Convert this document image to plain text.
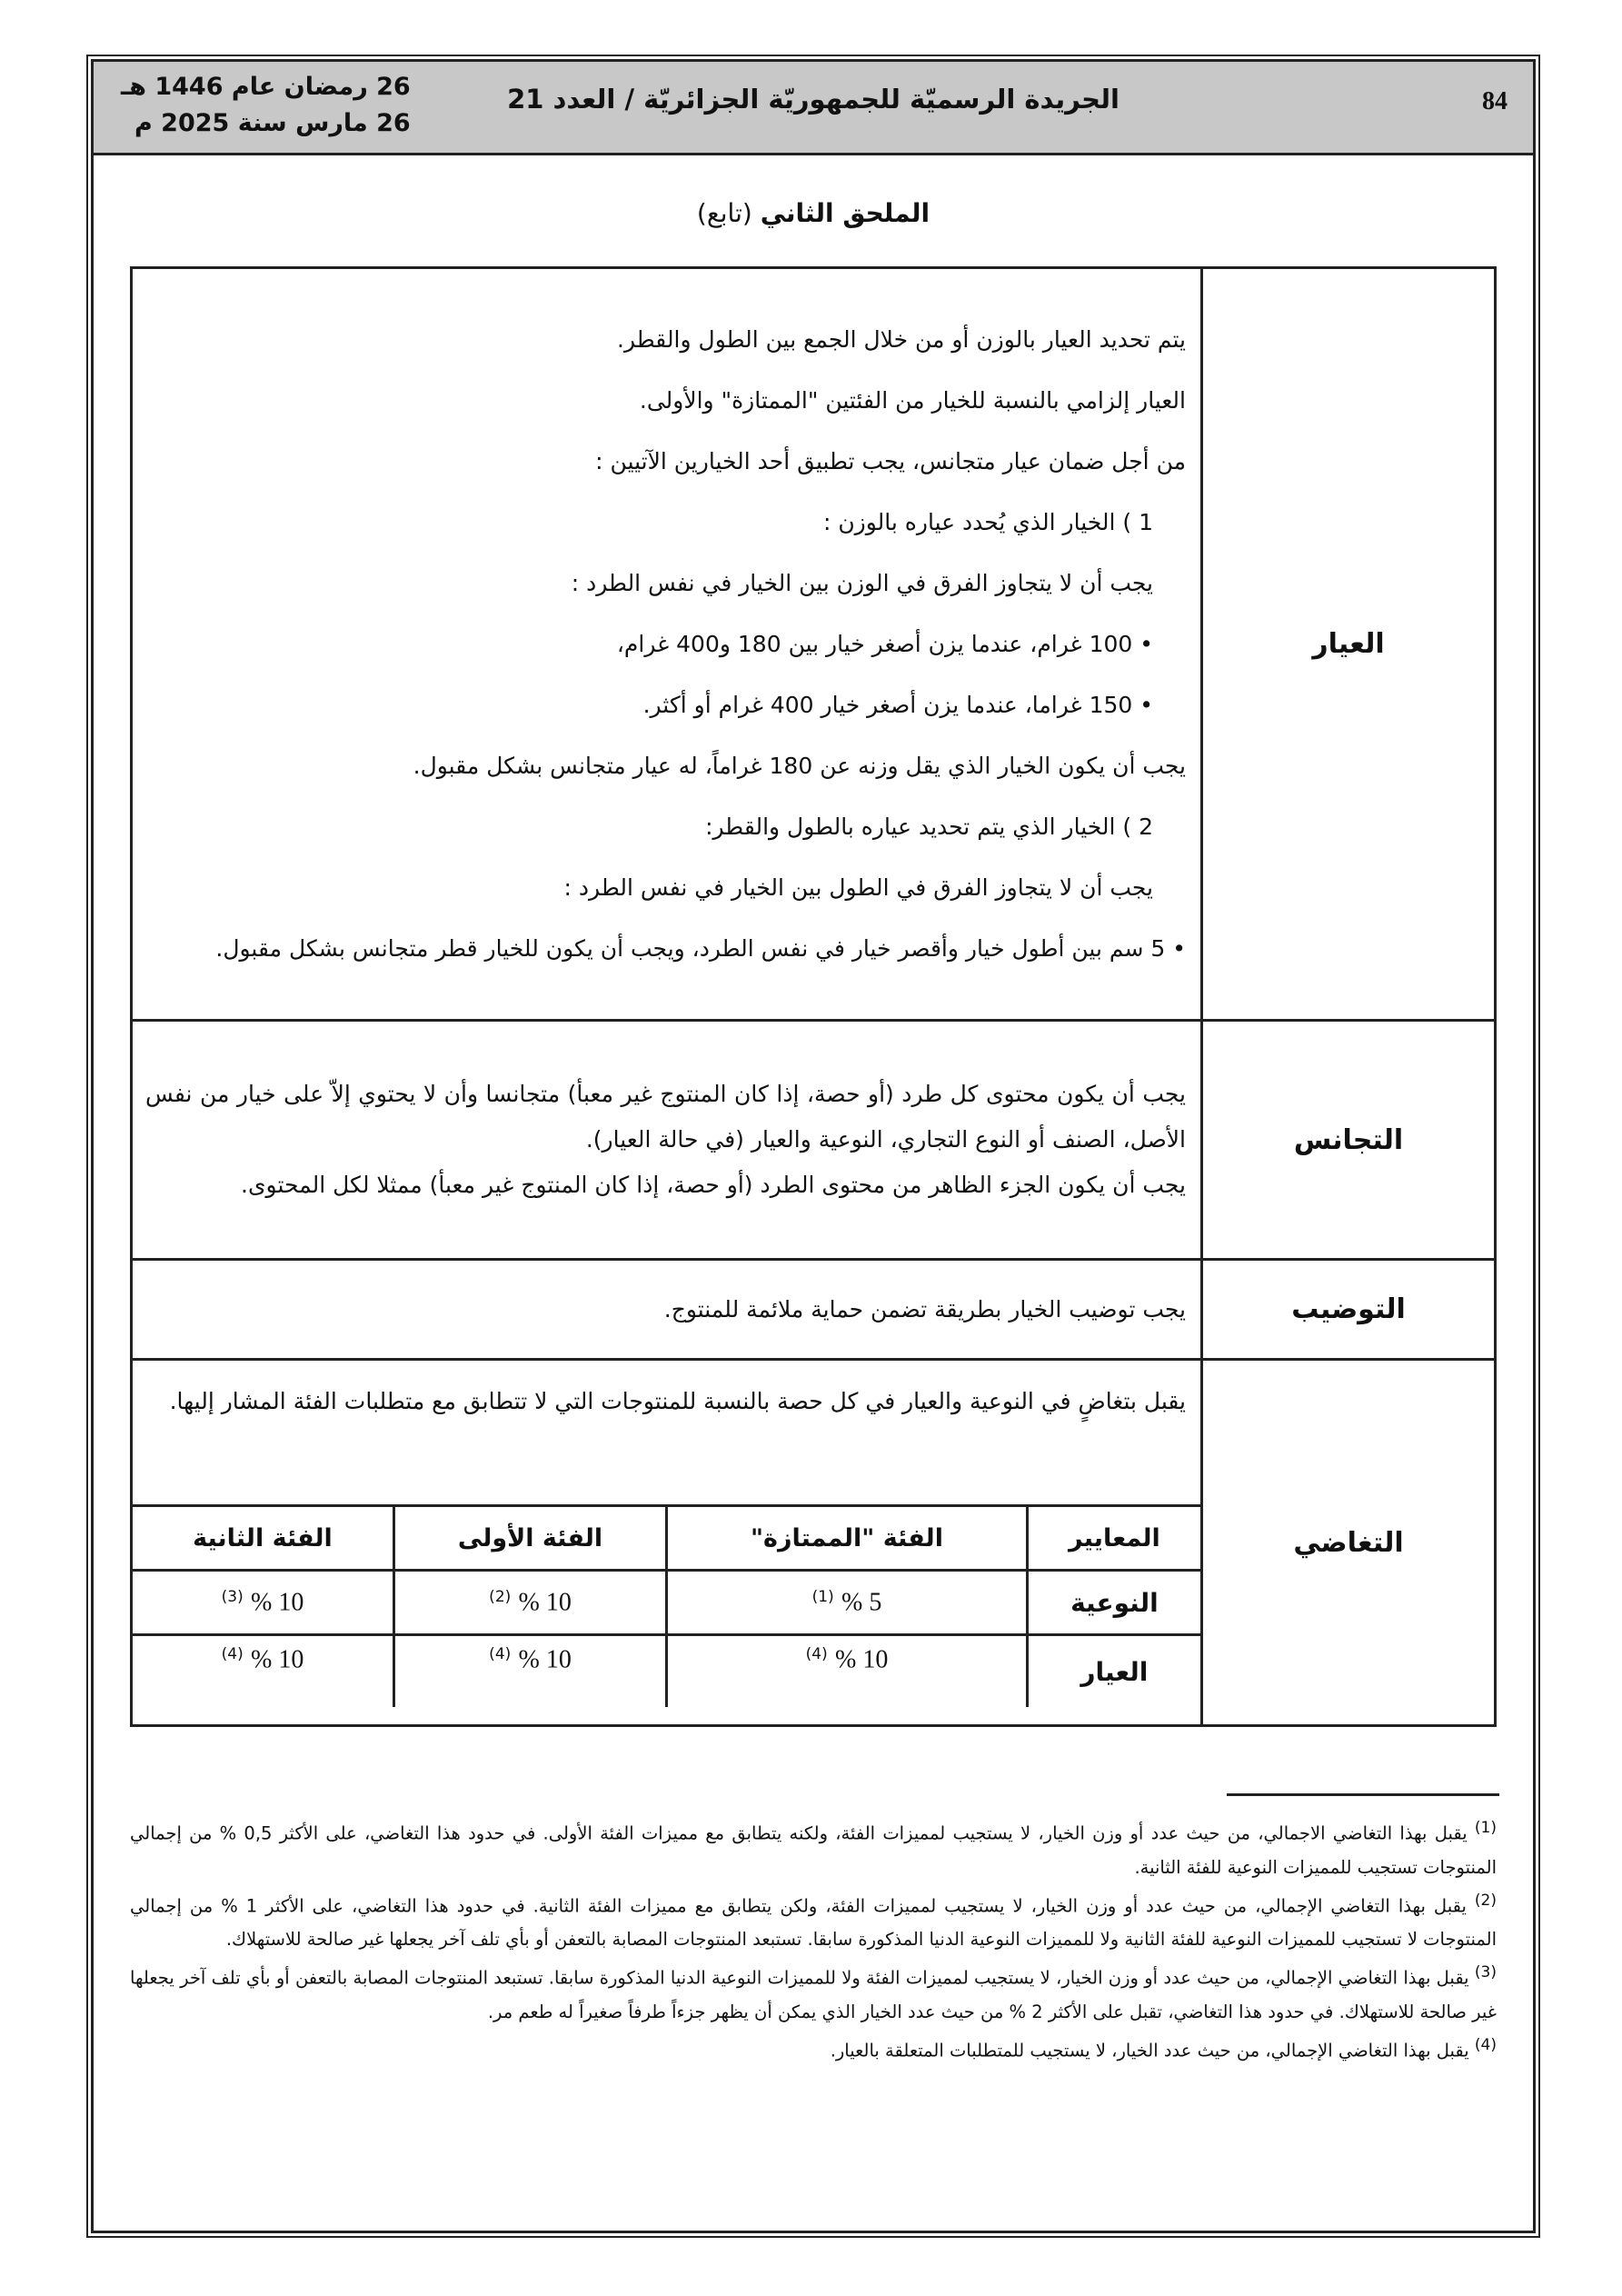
84
الجريدة الرسميّة للجمهوريّة الجزائريّة / العدد 21
26 رمضان عام 1446 هـ
26 مارس سنة 2025 م
الملحق الثاني (تابع)
العيار	

يتم تحديد العيار بالوزن أو من خلال الجمع بين الطول والقطر.

العيار إلزامي بالنسبة للخيار من الفئتين "الممتازة" والأولى.

من أجل ضمان عيار متجانس، يجب تطبيق أحد الخيارين الآتيين :

1 ) الخيار الذي يُحدد عياره بالوزن :

يجب أن لا يتجاوز الفرق في الوزن بين الخيار في نفس الطرد :

• 100 غرام، عندما يزن أصغر خيار بين 180 و400 غرام،

• 150 غراما، عندما يزن أصغر خيار 400 غرام أو أكثر.

يجب أن يكون الخيار الذي يقل وزنه عن 180 غراماً، له عيار متجانس بشكل مقبول.

2 ) الخيار الذي يتم تحديد عياره بالطول والقطر:

يجب أن لا يتجاوز الفرق في الطول بين الخيار في نفس الطرد :

• 5 سم بين أطول خيار وأقصر خيار في نفس الطرد، ويجب أن يكون للخيار قطر متجانس بشكل مقبول.

التجانس	

يجب أن يكون محتوى كل طرد (أو حصة، إذا كان المنتوج غير معبأ) متجانسا وأن لا يحتوي إلاّ على خيار من نفس الأصل، الصنف أو النوع التجاري، النوعية والعيار (في حالة العيار).

يجب أن يكون الجزء الظاهر من محتوى الطرد (أو حصة، إذا كان المنتوج غير معبأ) ممثلا لكل المحتوى.

التوضيب	

يجب توضيب الخيار بطريقة تضمن حماية ملائمة للمنتوج.

التغاضي	
يقبل بتغاضٍ في النوعية والعيار في كل حصة بالنسبة للمنتوجات التي لا تتطابق مع متطلبات الفئة المشار إليها.
المعايير	الفئة "الممتازة"	الفئة الأولى	الفئة الثانية
النوعية	5 % $^{(1)}$	10 % $^{(2)}$	10 % $^{(3)}$
العيار	10 % $^{(4)}$	10 % $^{(4)}$	10 % $^{(4)}$

$^{(1)}$ يقبل بهذا التغاضي الاجمالي، من حيث عدد أو وزن الخيار، لا يستجيب لمميزات الفئة، ولكنه يتطابق مع مميزات الفئة الأولى. في حدود هذا التغاضي، على الأكثر 0,5 % من إجمالي المنتوجات تستجيب للمميزات النوعية للفئة الثانية.

$^{(2)}$ يقبل بهذا التغاضي الإجمالي، من حيث عدد أو وزن الخيار، لا يستجيب لمميزات الفئة، ولكن يتطابق مع مميزات الفئة الثانية. في حدود هذا التغاضي، على الأكثر 1 % من إجمالي المنتوجات لا تستجيب للمميزات النوعية للفئة الثانية ولا للمميزات النوعية الدنيا المذكورة سابقا. تستبعد المنتوجات المصابة بالتعفن أو بأي تلف آخر يجعلها غير صالحة للاستهلاك.

$^{(3)}$ يقبل بهذا التغاضي الإجمالي، من حيث عدد أو وزن الخيار، لا يستجيب لمميزات الفئة ولا للمميزات النوعية الدنيا المذكورة سابقا. تستبعد المنتوجات المصابة بالتعفن أو بأي تلف آخر يجعلها غير صالحة للاستهلاك. في حدود هذا التغاضي، تقبل على الأكثر 2 % من حيث عدد الخيار الذي يمكن أن يظهر جزءاً طرفاً صغيراً له طعم مر.

$^{(4)}$ يقبل بهذا التغاضي الإجمالي، من حيث عدد الخيار، لا يستجيب للمتطلبات المتعلقة بالعيار.
